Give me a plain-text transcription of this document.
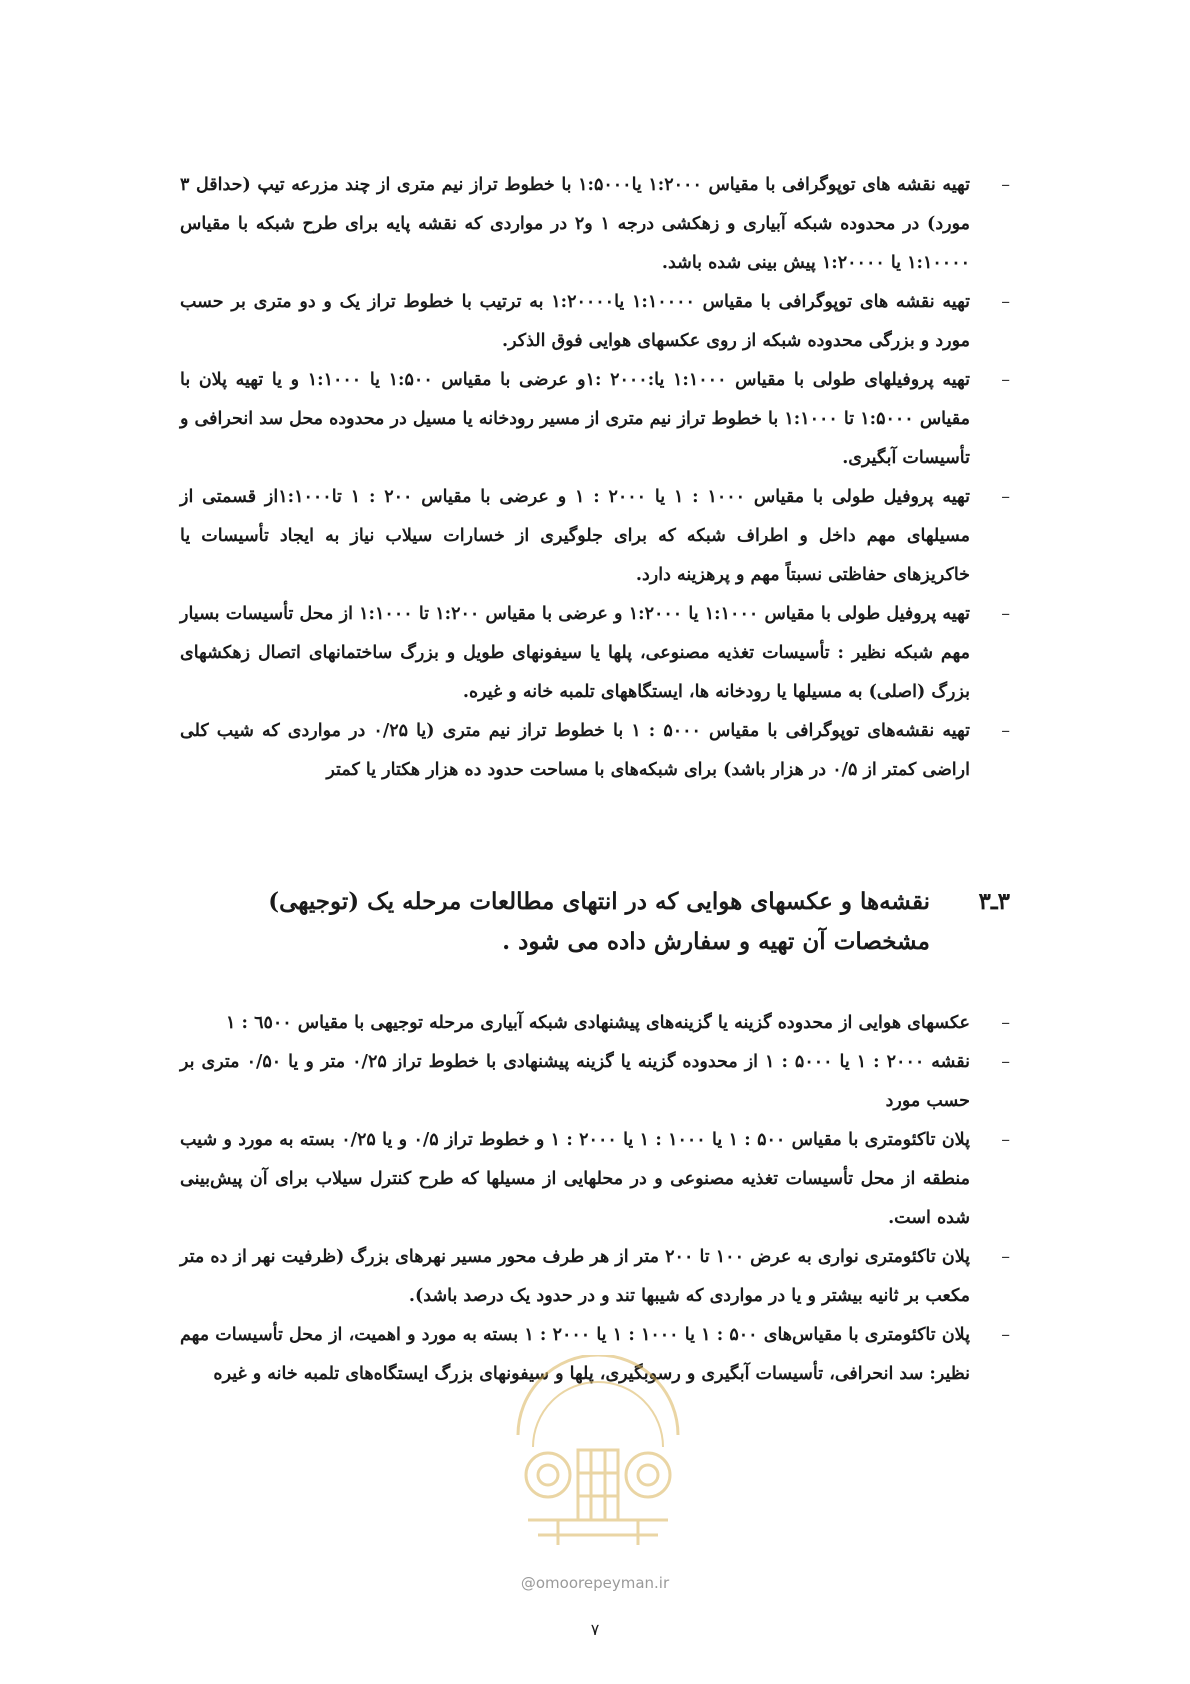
–
تهیه نقشه های توپوگرافی با مقیاس ۱:۲۰۰۰ یا۱:۵۰۰۰ با خطوط تراز نیم متری از چند مزرعه تیپ (حداقل ۳ مورد) در محدوده شبکه آبیاری و زهکشی درجه ۱ و۲ در مواردی که نقشه پایه برای طرح شبکه با مقیاس ۱:۱۰۰۰۰ یا ۱:۲۰۰۰۰ پیش بینی شده باشد.
–
تهیه نقشه های توپوگرافی با مقیاس ۱:۱۰۰۰۰ یا۱:۲۰۰۰۰ به ترتیب با خطوط تراز یک و دو متری بر حسب مورد و بزرگی محدوده شبکه از روی عکسهای هوایی فوق الذکر.
–
تهیه پروفیلهای طولی با مقیاس ۱:۱۰۰۰ یا:۲۰۰۰ :۱و عرضی با مقیاس ۱:۵۰۰ یا ۱:۱۰۰۰ و یا تهیه پلان با مقیاس ۱:۵۰۰۰ تا ۱:۱۰۰۰ با خطوط تراز نیم متری از مسیر رودخانه یا مسیل در محدوده محل سد انحرافی و تأسیسات آبگیری.
–
تهیه پروفیل طولی با مقیاس ۱۰۰۰ : ۱ یا ۲۰۰۰ : ۱ و عرضی با مقیاس ۲۰۰ : ۱ تا۱:۱۰۰۰از قسمتی از مسیلهای مهم داخل و اطراف شبکه که برای جلوگیری از خسارات سیلاب نیاز به ایجاد تأسیسات یا خاکریزهای حفاظتی نسبتاً مهم و پرهزینه دارد.
–
تهیه پروفیل طولی با مقیاس ۱:۱۰۰۰ یا ۱:۲۰۰۰ و عرضی با مقیاس ۱:۲۰۰ تا ۱:۱۰۰۰ از محل تأسیسات بسیار مهم شبکه نظیر : تأسیسات تغذیه مصنوعی، پلها یا سیفونهای طویل و بزرگ ساختمانهای اتصال زهکشهای بزرگ (اصلی) به مسیلها یا رودخانه ها، ایستگاههای تلمبه خانه و غیره.
–
تهیه نقشه‌های توپوگرافی با مقیاس ۵۰۰۰ : ۱ با خطوط تراز نیم متری (یا ۰/۲۵ در مواردی که شیب کلی اراضی کمتر از ۰/۵ در هزار باشد) برای شبکه‌های با مساحت حدود ده هزار هکتار یا کمتر
۳ـ۳
نقشه‌ها و عکسهای هوایی که در انتهای مطالعات مرحله یک (توجیهی) مشخصات آن تهیه و سفارش داده می شود .
–
عکسهای هوایی از محدوده گزینه یا گزینه‌های پیشنهادی شبکه آبیاری مرحله توجیهی با مقیاس ٦٥٠٠ : ۱
–
نقشه ۲۰۰۰ : ۱ یا ۵۰۰۰ : ۱ از محدوده گزینه یا گزینه پیشنهادی با خطوط تراز ۰/۲۵ متر و یا ۰/۵۰ متری بر حسب مورد
–
پلان تاکئومتری با مقیاس ۵۰۰ : ۱ یا ۱۰۰۰ : ۱ یا ۲۰۰۰ : ۱ و خطوط تراز ۰/۵ و یا ۰/۲۵ بسته به مورد و شیب منطقه از محل تأسیسات تغذیه مصنوعی و در محلهایی از مسیلها که طرح کنترل سیلاب برای آن پیش‌بینی شده است.
–
پلان تاکئومتری نواری به عرض ۱۰۰ تا ۲۰۰ متر از هر طرف محور مسیر نهرهای بزرگ (ظرفیت نهر از ده متر مکعب بر ثانیه بیشتر و یا در مواردی که شیبها تند و در حدود یک درصد باشد).
–
پلان تاکئومتری با مقیاس‌های ۵۰۰ : ۱ یا ۱۰۰۰ : ۱ یا ۲۰۰۰ : ۱ بسته به مورد و اهمیت، از محل تأسیسات مهم نظیر: سد انحرافی، تأسیسات آبگیری و رسوبگیری، پلها و سیفونهای بزرگ ایستگاه‌های تلمبه خانه و غیره
@omoorepeyman.ir
۷
